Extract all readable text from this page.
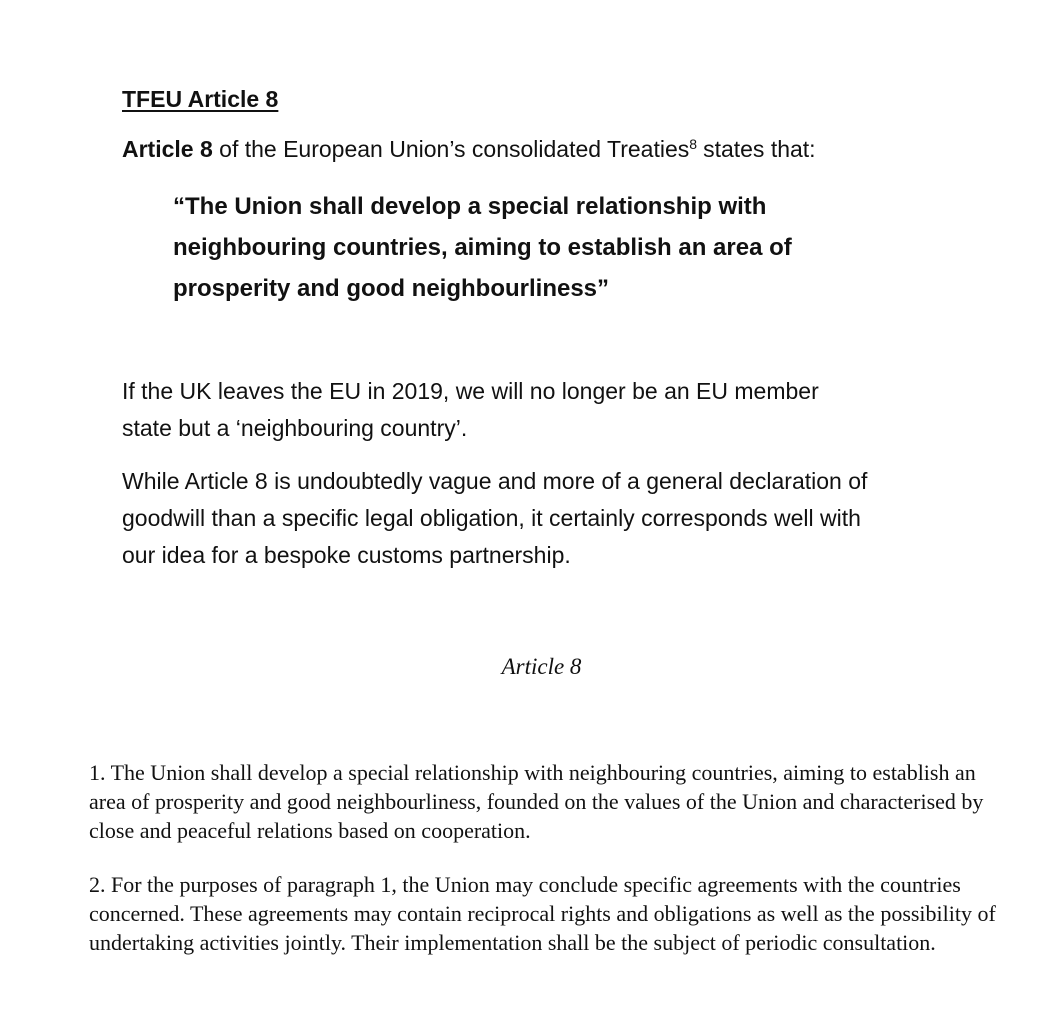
TFEU Article 8

Article 8 of the European Union’s consolidated Treaties$^8$ states that:

“The Union shall develop a special relationship with neighbouring countries, aiming to establish an area of prosperity and good neighbourliness”

If the UK leaves the EU in 2019, we will no longer be an EU member state but a ‘neighbouring country’.

While Article 8 is undoubtedly vague and more of a general declaration of goodwill than a specific legal obligation, it certainly corresponds well with our idea for a bespoke customs partnership.

Article 8

1. The Union shall develop a special relationship with neighbouring countries, aiming to establish an area of prosperity and good neighbourliness, founded on the values of the Union and characterised by close and peaceful relations based on cooperation.

2. For the purposes of paragraph 1, the Union may conclude specific agreements with the countries concerned. These agreements may contain reciprocal rights and obligations as well as the possibility of undertaking activities jointly. Their implementation shall be the subject of periodic consultation.
